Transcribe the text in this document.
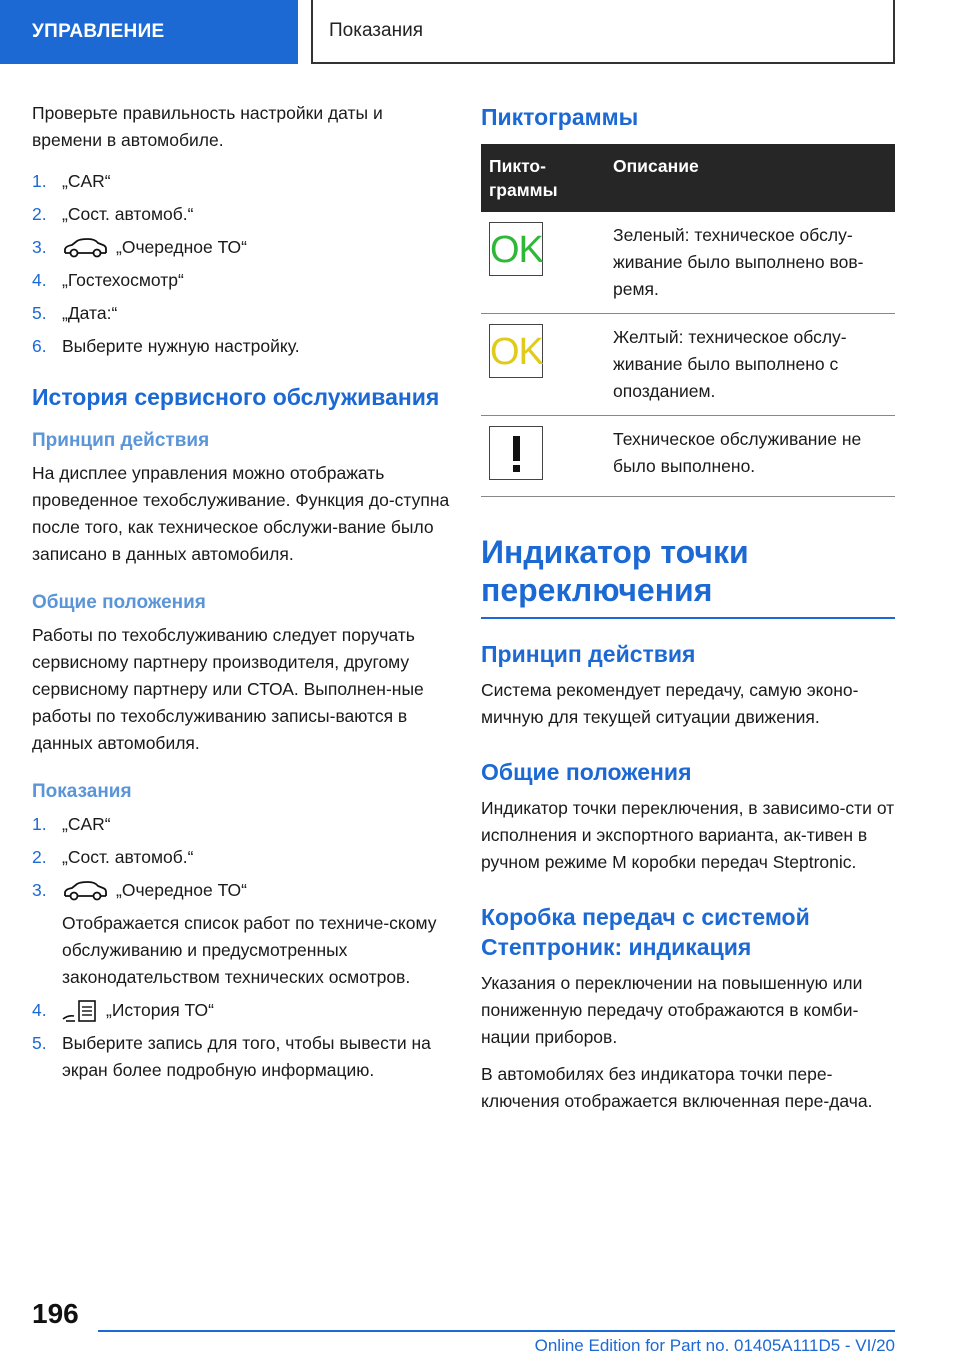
УПРАВЛЕНИЕ	Показания

Проверьте правильность настройки даты и времени в автомобиле.

1. „CAR“
2. „Сост. автомоб.“
3.	„Очередное ТО“
4. „Гостехосмотр“
5. „Дата:“
6. Выберите нужную настройку.
История сервисного обслуживания
Принцип действия

На дисплее управления можно отображать проведенное техобслуживание. Функция до-ступна после того, как техническое обслужи-вание было записано в данных автомобиля.

Общие положения

Работы по техобслуживанию следует поручать сервисному партнеру производителя, другому сервисному партнеру или СТОА. Выполнен-ные работы по техобслуживанию записы-ваются в данных автомобиля.

Показания
1. „CAR“
2. „Сост. автомоб.“
3.	„Очередное ТО“
Отображается список работ по техниче-скому обслуживанию и предусмотренных законодательством технических осмотров.
4.	„История ТО“
5. Выберите запись для того, чтобы вывести на экран более подробную информацию.
Пиктограммы
Пикто-граммы	Описание

OK	Зеленый: техническое обслу-живание было выполнено вов-ремя.

OK	Желтый: техническое обслу-живание было выполнено с опозданием.

	Техническое обслуживание не было выполнено.
Индикатор точки переключения
Принцип действия

Система рекомендует передачу, самую эконо-мичную для текущей ситуации движения.

Общие положения

Индикатор точки переключения, в зависимо-сти от исполнения и экспортного варианта, ак-тивен в ручном режиме М коробки передач Steptronic.

Коробка передач с системой Стептроник: индикация

Указания о переключении на повышенную или пониженную передачу отображаются в комби-нации приборов.

В автомобилях без индикатора точки пере-ключения отображается включенная пере-дача.

196
Online Edition for Part no. 01405A111D5 - VI/20
